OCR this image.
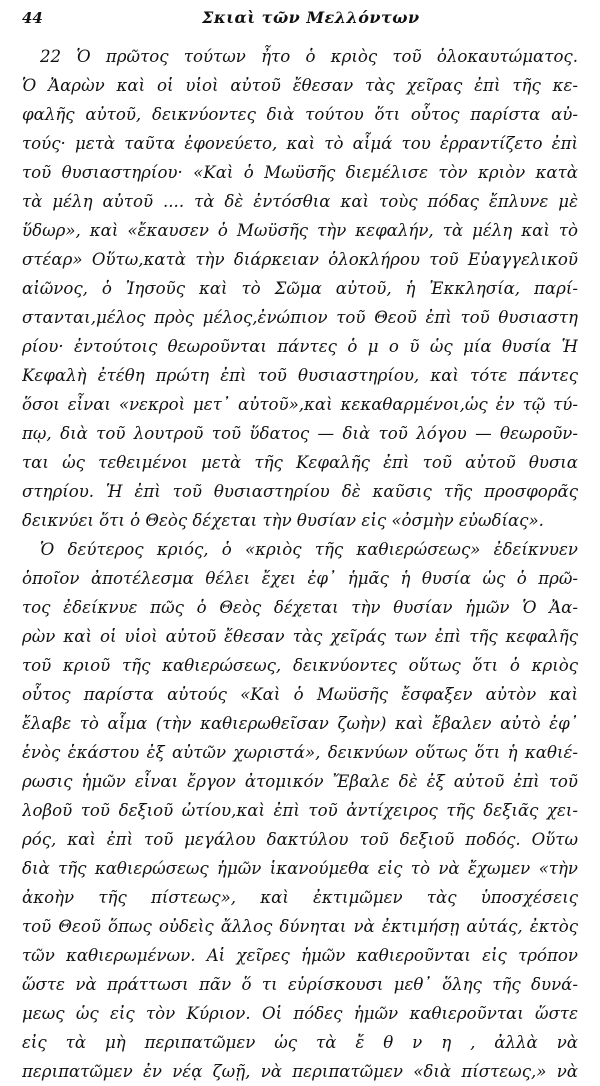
44	Σκιαὶ τῶν Μελλόντων
22 Ὁ πρῶτος τούτων ἦτο ὁ κριὸς τοῦ ὁλοκαυτώματος.
Ὁ Ἀαρὼν καὶ οἱ υἱοὶ αὐτοῦ ἔθεσαν τὰς χεῖρας ἐπὶ τῆς κε-
φαλῆς αὐτοῦ, δεικνύοντες διὰ τούτου ὅτι οὗτος παρίστα αὐ-
τούς· μετὰ ταῦτα ἐφονεύετο, καὶ τὸ αἷμά του ἐρραντίζετο ἐπὶ
τοῦ θυσιαστηρίου· «Καὶ ὁ Μωϋσῆς διεμέλισε τὸν κριὸν κατὰ
τὰ μέλη αὐτοῦ .... τὰ δὲ ἐντόσθια καὶ τοὺς πόδας ἔπλυνε μὲ
ὕδωρ», καὶ «ἔκαυσεν ὁ Μωϋσῆς τὴν κεφαλήν, τὰ μέλη καὶ τὸ
στέαρ» Οὕτω,κατὰ τὴν διάρκειαν ὁλοκλήρου τοῦ Εὐαγγελικοῦ
αἰῶνος, ὁ Ἰησοῦς καὶ τὸ Σῶμα αὐτοῦ, ἡ Ἐκκλησία, παρί-
στανται,μέλος πρὸς μέλος,ἐνώπιον τοῦ Θεοῦ ἐπὶ τοῦ θυσιαστη
ρίου· ἐντούτοις θεωροῦνται πάντες ὁ μ ο ῦ ὡς μία θυσία Ἡ
Κεφαλὴ ἐτέθη πρώτη ἐπὶ τοῦ θυσιαστηρίου, καὶ τότε πάντες
ὅσοι εἶναι «νεκροὶ μετ᾽ αὐτοῦ»,καὶ κεκαθαρμένοι,ὡς ἐν τῷ τύ-
πῳ, διὰ τοῦ λουτροῦ τοῦ ὕδατος — διὰ τοῦ λόγου — θεωροῦν-
ται ὡς τεθειμένοι μετὰ τῆς Κεφαλῆς ἐπὶ τοῦ αὐτοῦ θυσια
στηρίου. Ἡ ἐπὶ τοῦ θυσιαστηρίου δὲ καῦσις τῆς προσφορᾶς
δεικνύει ὅτι ὁ Θεὸς δέχεται τὴν θυσίαν εἰς «ὀσμὴν εὐωδίας».
Ὁ δεύτερος κριός, ὁ «κριὸς τῆς καθιερώσεως» ἐδείκνυεν
ὁποῖον ἀποτέλεσμα θέλει ἔχει ἐφ᾽ ἡμᾶς ἡ θυσία ὡς ὁ πρῶ-
τος ἐδείκνυε πῶς ὁ Θεὸς δέχεται τὴν θυσίαν ἡμῶν Ὁ Ἀα-
ρὼν καὶ οἱ υἱοὶ αὐτοῦ ἔθεσαν τὰς χεῖράς των ἐπὶ τῆς κεφαλῆς
τοῦ κριοῦ τῆς καθιερώσεως, δεικνύοντες οὕτως ὅτι ὁ κριὸς
οὗτος παρίστα αὐτούς «Καὶ ὁ Μωϋσῆς ἔσφαξεν αὐτὸν καὶ
ἔλαβε τὸ αἷμα (τὴν καθιερωθεῖσαν ζωὴν) καὶ ἔβαλεν αὐτὸ ἐφ᾽
ἑνὸς ἑκάστου ἐξ αὐτῶν χωριστά», δεικνύων οὕτως ὅτι ἡ καθιέ-
ρωσις ἡμῶν εἶναι ἔργον ἀτομικόν Ἔβαλε δὲ ἐξ αὐτοῦ ἐπὶ τοῦ
λοβοῦ τοῦ δεξιοῦ ὠτίου,καὶ ἐπὶ τοῦ ἀντίχειρος τῆς δεξιᾶς χει-
ρός, καὶ ἐπὶ τοῦ μεγάλου δακτύλου τοῦ δεξιοῦ ποδός. Οὕτω
διὰ τῆς καθιερώσεως ἡμῶν ἱκανούμεθα εἰς τὸ νὰ ἔχωμεν «τὴν
ἀκοὴν τῆς πίστεως», καὶ ἐκτιμῶμεν τὰς ὑποσχέσεις
τοῦ Θεοῦ ὅπως οὐδεὶς ἄλλος δύνηται νὰ ἐκτιμήσῃ αὐτάς, ἐκτὸς
τῶν καθιερωμένων. Αἱ χεῖρες ἡμῶν καθιεροῦνται εἰς τρόπον
ὥστε νὰ πράττωσι πᾶν ὅ τι εὑρίσκουσι μεθ᾽ ὅλης τῆς δυνά-
μεως ὡς εἰς τὸν Κύριον. Οἱ πόδες ἡμῶν καθιεροῦνται ὥστε
εἰς τὰ μὴ περιπατῶμεν ὡς τὰ ἔ θ ν η , ἀλλὰ νὰ
περιπατῶμεν ἐν νέᾳ ζωῇ, νὰ περιπατῶμεν «διὰ πίστεως,» νὰ
